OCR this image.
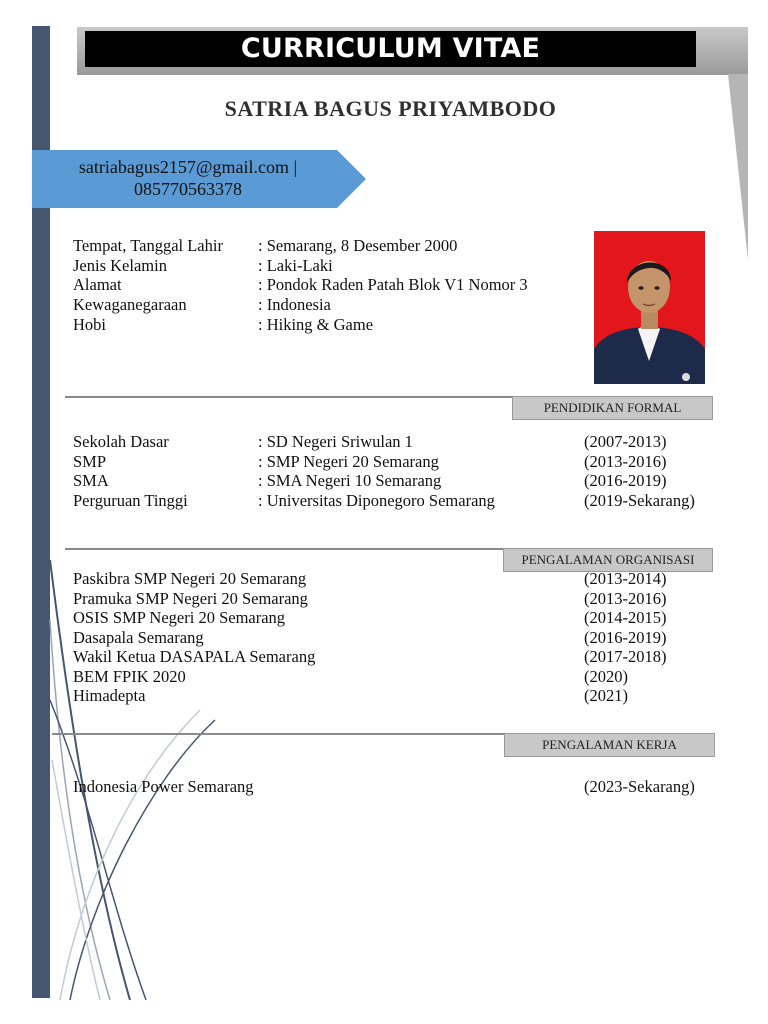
CURRICULUM VITAE
SATRIA BAGUS PRIYAMBODO
satriabagus2157@gmail.com |
085770563378
Tempat, Tanggal Lahir : Semarang, 8 Desember 2000
Jenis Kelamin	: Laki-Laki
Alamat	: Pondok Raden Patah Blok V1 Nomor 3
Kewaganegaraan	: Indonesia
Hobi	: Hiking & Game
PENDIDIKAN FORMAL
Sekolah Dasar	: SD Negeri Sriwulan 1	(2007-2013)
SMP	: SMP Negeri 20 Semarang	(2013-2016)
SMA	: SMA Negeri 10 Semarang	(2016-2019)
Perguruan Tinggi	: Universitas Diponegoro Semarang	(2019-Sekarang)
PENGALAMAN ORGANISASI
Paskibra SMP Negeri 20 Semarang	(2013-2014)
Pramuka SMP Negeri 20 Semarang	(2013-2016)
OSIS SMP Negeri 20 Semarang	(2014-2015)
Dasapala Semarang	(2016-2019)
Wakil Ketua DASAPALA Semarang	(2017-2018)
BEM FPIK 2020	(2020)
Himadepta	(2021)
PENGALAMAN KERJA
Indonesia Power Semarang	(2023-Sekarang)
